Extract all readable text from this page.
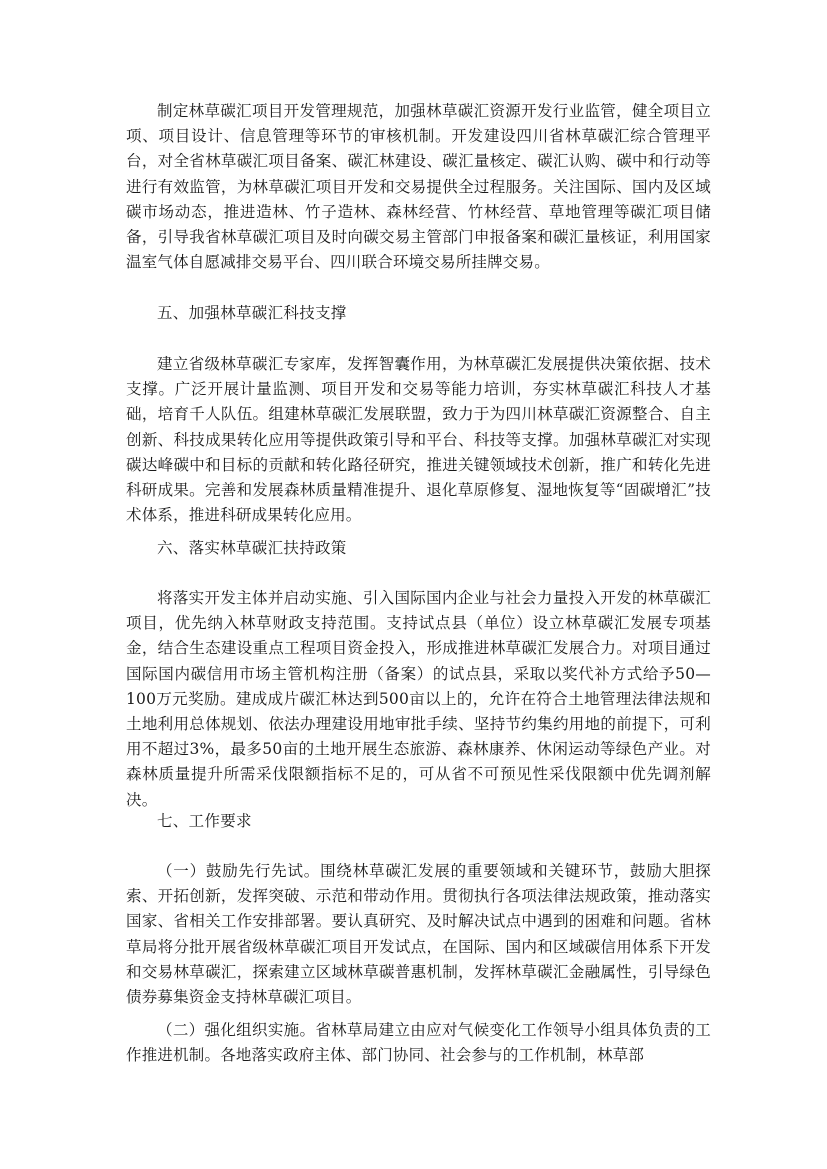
制定林草碳汇项目开发管理规范，加强林草碳汇资源开发行业监管，健全项目立项、项目设计、信息管理等环节的审核机制。开发建设四川省林草碳汇综合管理平台，对全省林草碳汇项目备案、碳汇林建设、碳汇量核定、碳汇认购、碳中和行动等进行有效监管，为林草碳汇项目开发和交易提供全过程服务。关注国际、国内及区域碳市场动态，推进造林、竹子造林、森林经营、竹林经营、草地管理等碳汇项目储备，引导我省林草碳汇项目及时向碳交易主管部门申报备案和碳汇量核证，利用国家温室气体自愿减排交易平台、四川联合环境交易所挂牌交易。

五、加强林草碳汇科技支撑

建立省级林草碳汇专家库，发挥智囊作用，为林草碳汇发展提供决策依据、技术支撑。广泛开展计量监测、项目开发和交易等能力培训，夯实林草碳汇科技人才基础，培育千人队伍。组建林草碳汇发展联盟，致力于为四川林草碳汇资源整合、自主创新、科技成果转化应用等提供政策引导和平台、科技等支撑。加强林草碳汇对实现碳达峰碳中和目标的贡献和转化路径研究，推进关键领域技术创新，推广和转化先进科研成果。完善和发展森林质量精准提升、退化草原修复、湿地恢复等“固碳增汇”技术体系，推进科研成果转化应用。

六、落实林草碳汇扶持政策

将落实开发主体并启动实施、引入国际国内企业与社会力量投入开发的林草碳汇项目，优先纳入林草财政支持范围。支持试点县（单位）设立林草碳汇发展专项基金，结合生态建设重点工程项目资金投入，形成推进林草碳汇发展合力。对项目通过国际国内碳信用市场主管机构注册（备案）的试点县，采取以奖代补方式给予50—100万元奖励。建成成片碳汇林达到500亩以上的，允许在符合土地管理法律法规和土地利用总体规划、依法办理建设用地审批手续、坚持节约集约用地的前提下，可利用不超过3%，最多50亩的土地开展生态旅游、森林康养、休闲运动等绿色产业。对森林质量提升所需采伐限额指标不足的，可从省不可预见性采伐限额中优先调剂解决。

七、工作要求

（一）鼓励先行先试。围绕林草碳汇发展的重要领域和关键环节，鼓励大胆探索、开拓创新，发挥突破、示范和带动作用。贯彻执行各项法律法规政策，推动落实国家、省相关工作安排部署。要认真研究、及时解决试点中遇到的困难和问题。省林草局将分批开展省级林草碳汇项目开发试点，在国际、国内和区域碳信用体系下开发和交易林草碳汇，探索建立区域林草碳普惠机制，发挥林草碳汇金融属性，引导绿色债券募集资金支持林草碳汇项目。

（二）强化组织实施。省林草局建立由应对气候变化工作领导小组具体负责的工作推进机制。各地落实政府主体、部门协同、社会参与的工作机制，林草部
